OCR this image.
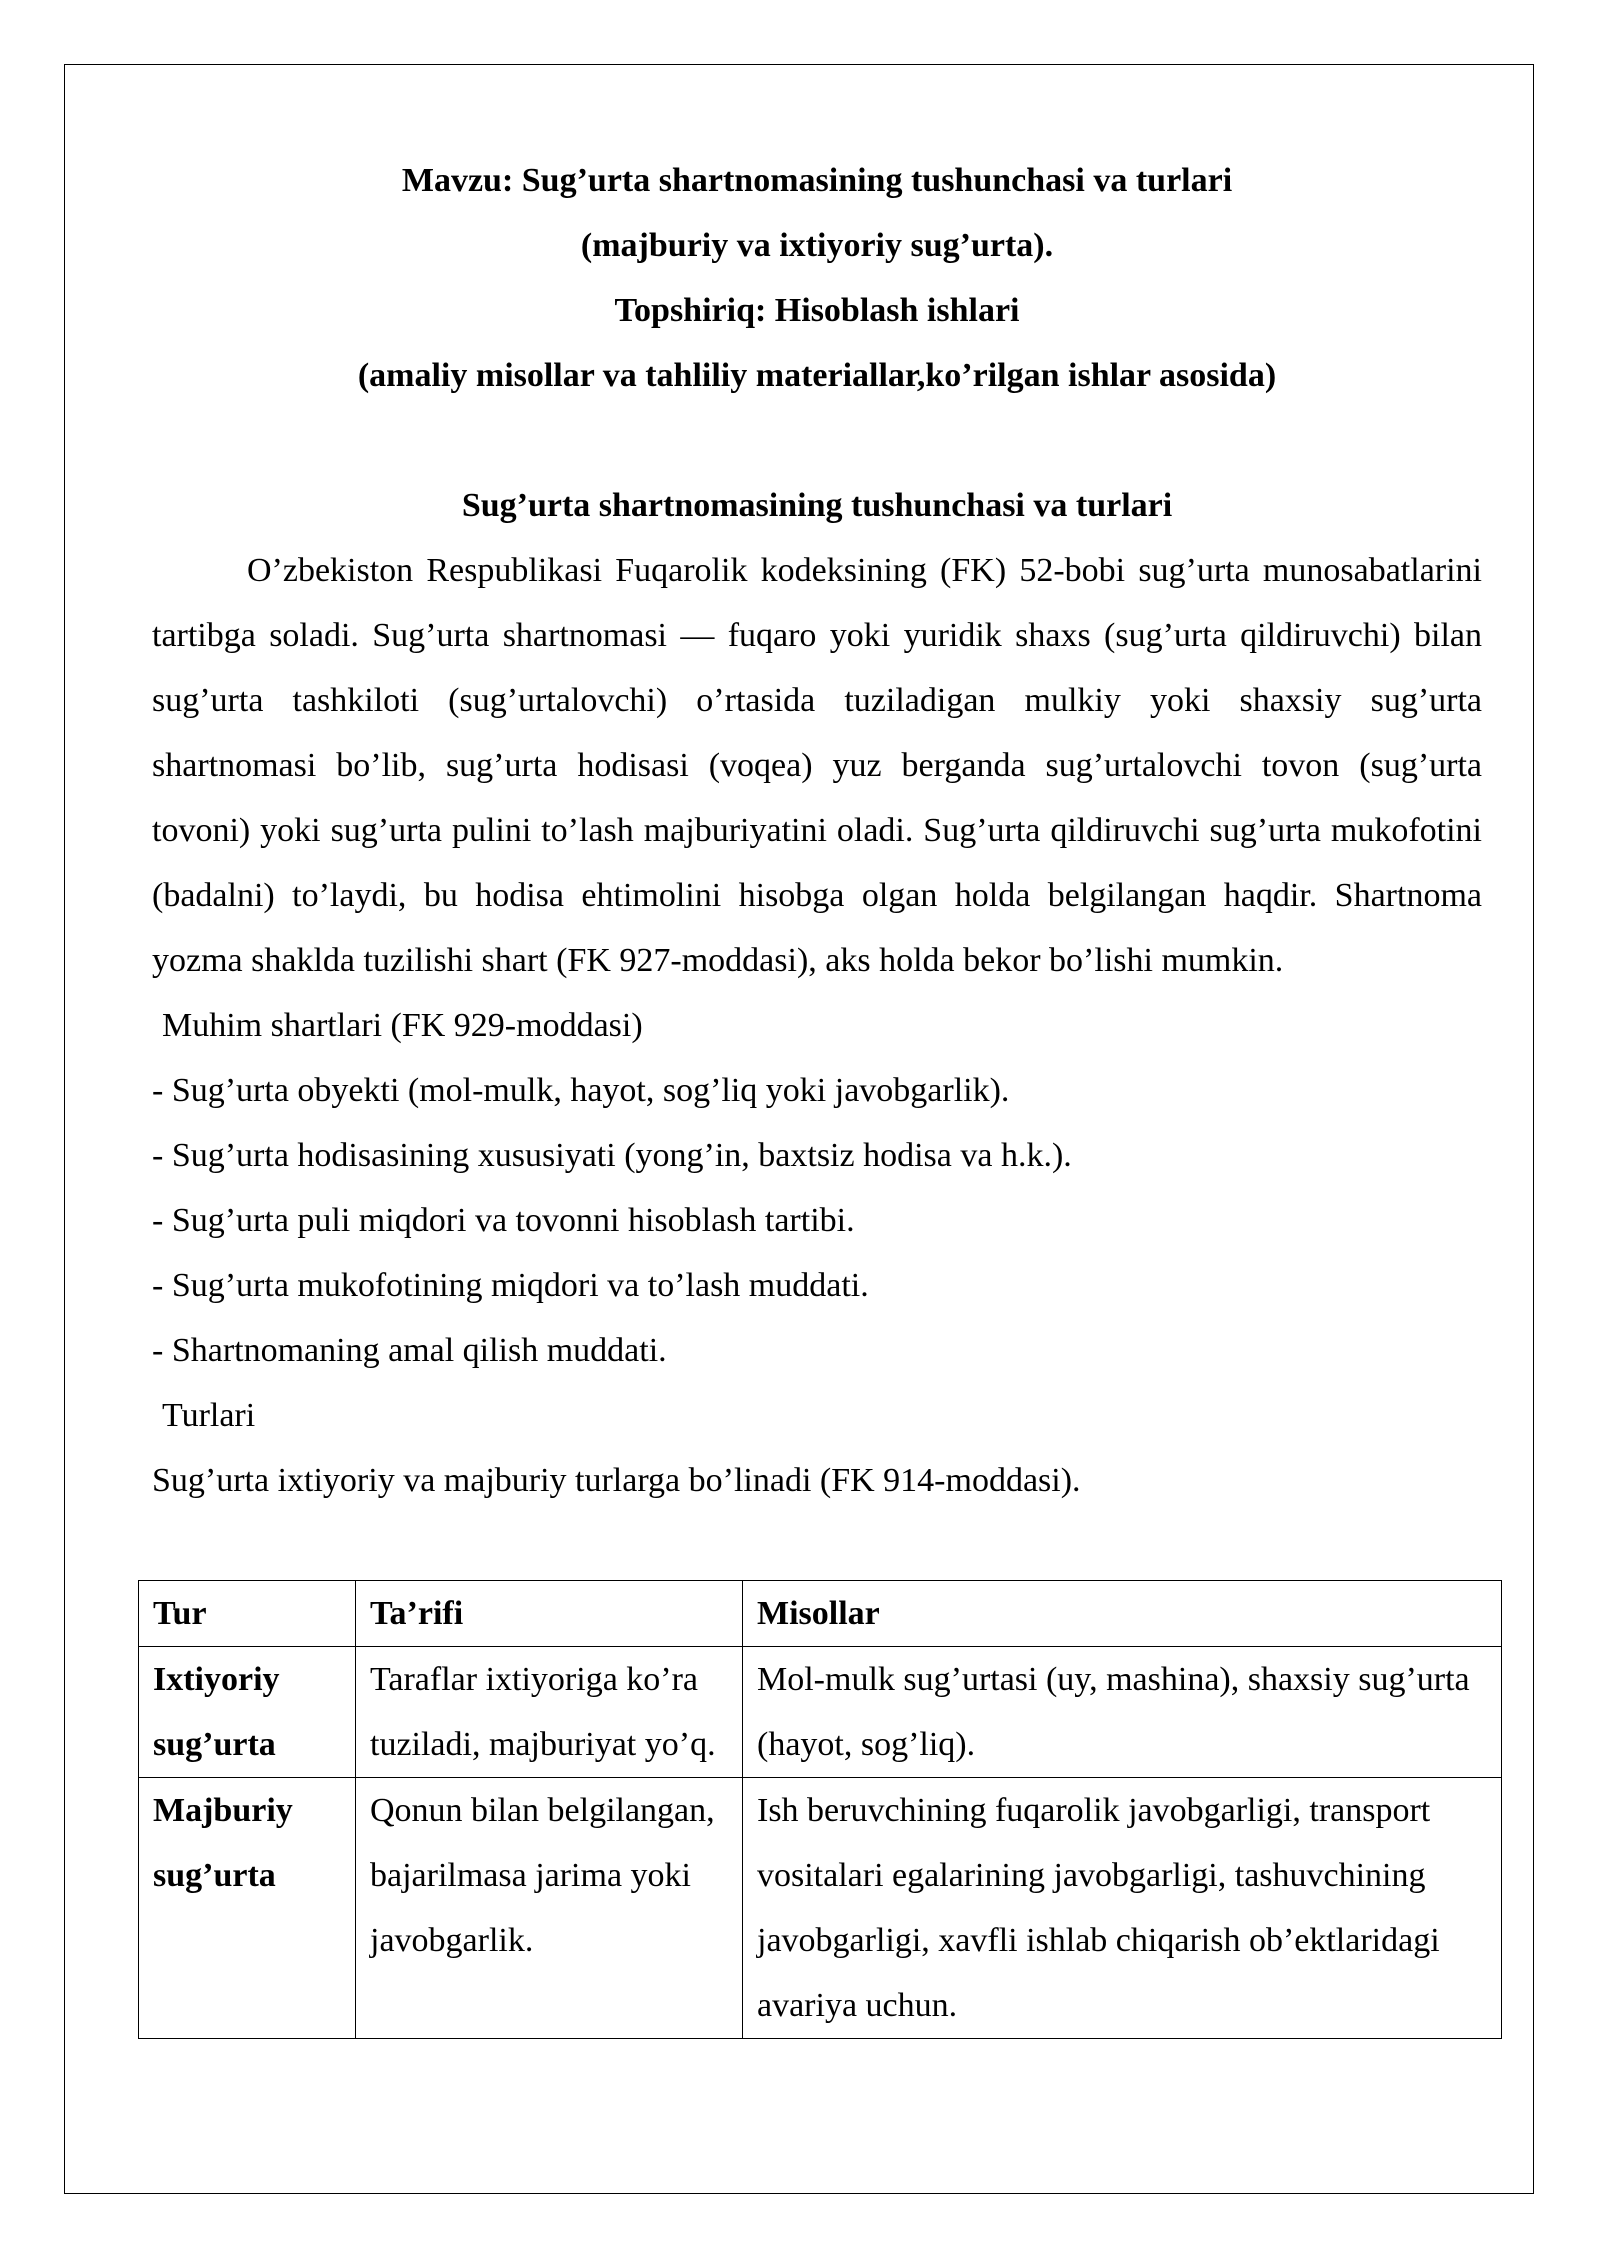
Mavzu: Sug’urta shartnomasining tushunchasi va turlari
(majburiy va ixtiyoriy sug’urta).
Topshiriq: Hisoblash ishlari
(amaliy misollar va tahliliy materiallar,ko’rilgan ishlar asosida)
Sug’urta shartnomasining tushunchasi va turlari

O’zbekiston Respublikasi Fuqarolik kodeksining (FK) 52-bobi sug’urta munosabatlarini tartibga soladi. Sug’urta shartnomasi — fuqaro yoki yuridik shaxs (sug’urta qildiruvchi) bilan sug’urta tashkiloti (sug’urtalovchi) o’rtasida tuziladigan mulkiy yoki shaxsiy sug’urta shartnomasi bo’lib, sug’urta hodisasi (voqea) yuz berganda sug’urtalovchi tovon (sug’urta tovoni) yoki sug’urta pulini to’lash majburiyatini oladi. Sug’urta qildiruvchi sug’urta mukofotini (badalni) to’laydi, bu hodisa ehtimolini hisobga olgan holda belgilangan haqdir. Shartnoma yozma shaklda tuzilishi shart (FK 927-moddasi), aks holda bekor bo’lishi mumkin.

Muhim shartlari (FK 929-moddasi)
- Sug’urta obyekti (mol-mulk, hayot, sog’liq yoki javobgarlik).
- Sug’urta hodisasining xususiyati (yong’in, baxtsiz hodisa va h.k.).
- Sug’urta puli miqdori va tovonni hisoblash tartibi.
- Sug’urta mukofotining miqdori va to’lash muddati.
- Shartnomaning amal qilish muddati.
Turlari
Sug’urta ixtiyoriy va majburiy turlarga bo’linadi (FK 914-moddasi).
Tur	Ta’rifi	Misollar
Ixtiyoriy sug’urta	Taraflar ixtiyoriga ko’ra tuziladi, majburiyat yo’q.	Mol-mulk sug’urtasi (uy, mashina), shaxsiy sug’urta (hayot, sog’liq).
Majburiy sug’urta	Qonun bilan belgilangan, bajarilmasa jarima yoki javobgarlik.	Ish beruvchining fuqarolik javobgarligi, transport vositalari egalarining javobgarligi, tashuvchining javobgarligi, xavfli ishlab chiqarish ob’ektlaridagi avariya uchun.
